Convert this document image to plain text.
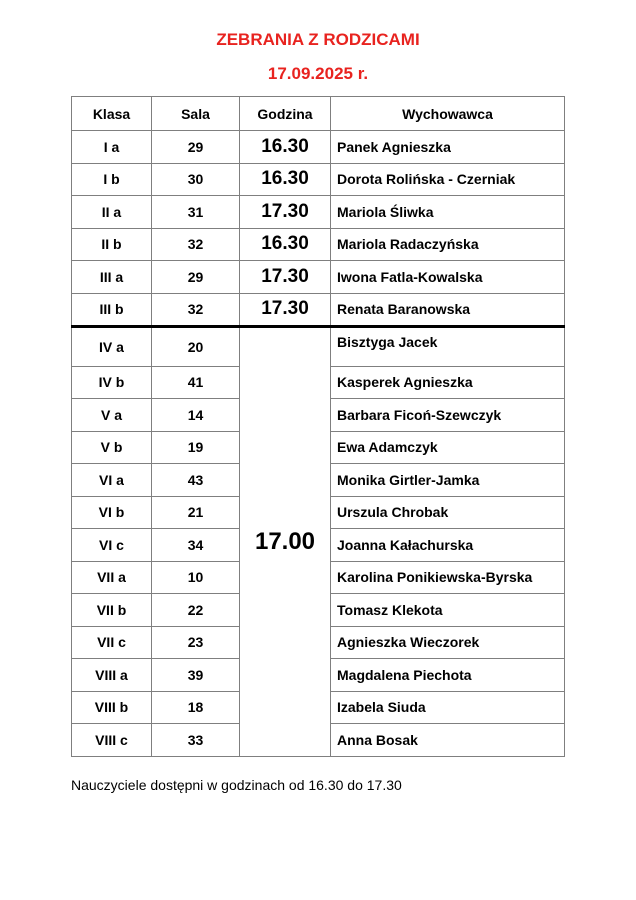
ZEBRANIA Z RODZICAMI
17.09.2025 r.
Klasa	Sala	Godzina	Wychowawca
I a	29	16.30	Panek Agnieszka
I b	30	16.30	Dorota Rolińska - Czerniak
II a	31	17.30	Mariola Śliwka
II b	32	16.30	Mariola Radaczyńska
III a	29	17.30	Iwona Fatla-Kowalska
III b	32	17.30	Renata Baranowska
IV a	20	17.00	Bisztyga Jacek
IV b	41		Kasperek Agnieszka
V a	14		Barbara Ficoń-Szewczyk
V b	19		Ewa Adamczyk
VI a	43		Monika Girtler-Jamka
VI b	21		Urszula Chrobak
VI c	34		Joanna Kałachurska
VII a	10		Karolina Ponikiewska-Byrska
VII b	22		Tomasz Klekota
VII c	23		Agnieszka Wieczorek
VIII a	39		Magdalena Piechota
VIII b	18		Izabela Siuda
VIII c	33		Anna Bosak
Nauczyciele dostępni w godzinach od 16.30 do 17.30
